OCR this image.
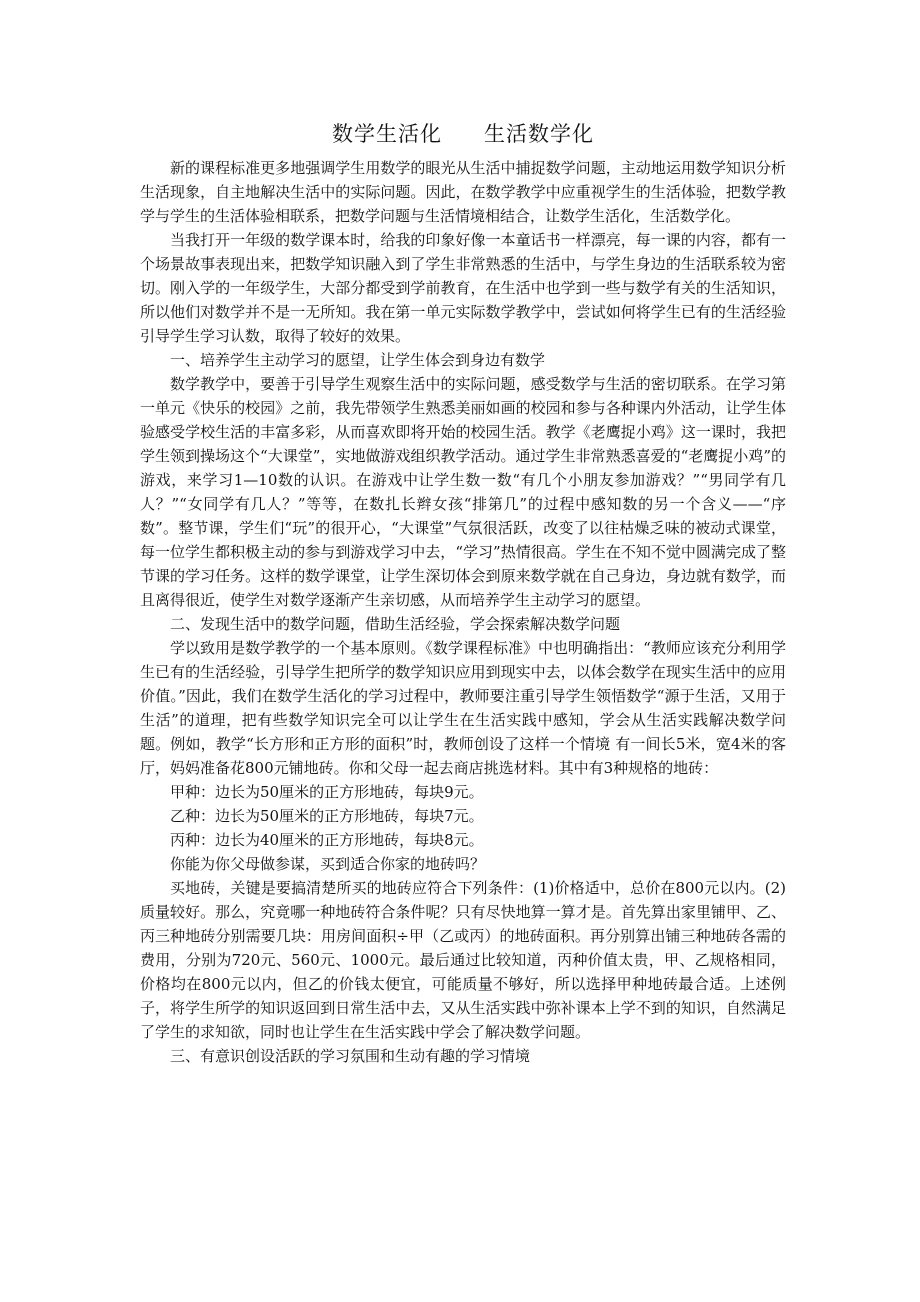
数学生活化 生活数学化

新的课程标准更多地强调学生用数学的眼光从生活中捕捉数学问题，主动地运用数学知识分析生活现象，自主地解决生活中的实际问题。因此，在数学教学中应重视学生的生活体验，把数学教学与学生的生活体验相联系，把数学问题与生活情境相结合，让数学生活化，生活数学化。

当我打开一年级的数学课本时，给我的印象好像一本童话书一样漂亮，每一课的内容，都有一个场景故事表现出来，把数学知识融入到了学生非常熟悉的生活中，与学生身边的生活联系较为密切。刚入学的一年级学生，大部分都受到学前教育，在生活中也学到一些与数学有关的生活知识，所以他们对数学并不是一无所知。我在第一单元实际数学教学中，尝试如何将学生已有的生活经验引导学生学习认数，取得了较好的效果。

一、培养学生主动学习的愿望，让学生体会到身边有数学

数学教学中，要善于引导学生观察生活中的实际问题，感受数学与生活的密切联系。在学习第一单元《快乐的校园》之前，我先带领学生熟悉美丽如画的校园和参与各种课内外活动，让学生体验感受学校生活的丰富多彩，从而喜欢即将开始的校园生活。教学《老鹰捉小鸡》这一课时，我把学生领到操场这个“大课堂”，实地做游戏组织教学活动。通过学生非常熟悉喜爱的“老鹰捉小鸡”的游戏，来学习1—10数的认识。在游戏中让学生数一数“有几个小朋友参加游戏？”“男同学有几人？”“女同学有几人？”等等，在数扎长辫女孩“排第几”的过程中感知数的另一个含义——“序数”。整节课，学生们“玩”的很开心，“大课堂”气氛很活跃，改变了以往枯燥乏味的被动式课堂，每一位学生都积极主动的参与到游戏学习中去，“学习”热情很高。学生在不知不觉中圆满完成了整节课的学习任务。这样的数学课堂，让学生深切体会到原来数学就在自己身边，身边就有数学，而且离得很近，使学生对数学逐渐产生亲切感，从而培养学生主动学习的愿望。

二、发现生活中的数学问题，借助生活经验，学会探索解决数学问题

学以致用是数学教学的一个基本原则。《数学课程标准》中也明确指出：“教师应该充分利用学生已有的生活经验，引导学生把所学的数学知识应用到现实中去，以体会数学在现实生活中的应用价值。”因此，我们在数学生活化的学习过程中，教师要注重引导学生领悟数学“源于生活，又用于生活”的道理，把有些数学知识完全可以让学生在生活实践中感知，学会从生活实践解决数学问题。例如，教学“长方形和正方形的面积”时，教师创设了这样一个情境 有一间长5米，宽4米的客厅，妈妈准备花800元铺地砖。你和父母一起去商店挑选材料。其中有3种规格的地砖：

甲种：边长为50厘米的正方形地砖，每块9元。

乙种：边长为50厘米的正方形地砖，每块7元。

丙种：边长为40厘米的正方形地砖，每块8元。

你能为你父母做参谋，买到适合你家的地砖吗？

买地砖，关键是要搞清楚所买的地砖应符合下列条件：(1)价格适中，总价在800元以内。(2)质量较好。那么，究竟哪一种地砖符合条件呢？只有尽快地算一算才是。首先算出家里铺甲、乙、丙三种地砖分别需要几块：用房间面积÷甲（乙或丙）的地砖面积。再分别算出铺三种地砖各需的费用，分别为720元、560元、1000元。最后通过比较知道，丙种价值太贵，甲、乙规格相同，价格均在800元以内，但乙的价钱太便宜，可能质量不够好，所以选择甲种地砖最合适。上述例子，将学生所学的知识返回到日常生活中去，又从生活实践中弥补课本上学不到的知识，自然满足了学生的求知欲，同时也让学生在生活实践中学会了解决数学问题。

三、有意识创设活跃的学习氛围和生动有趣的学习情境
